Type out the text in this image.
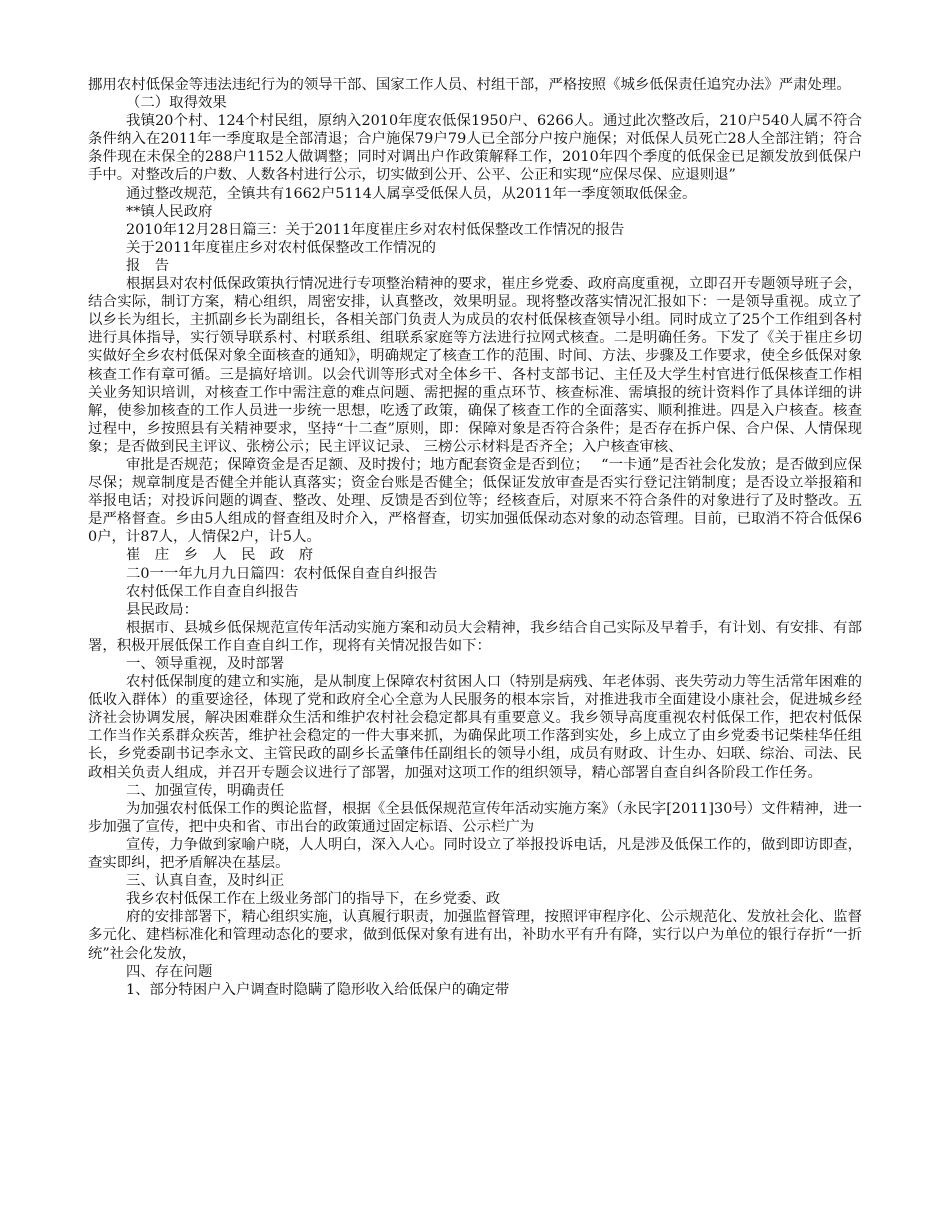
挪用农村低保金等违法违纪行为的领导干部、国家工作人员、村组干部，严格按照《城乡低保责任追究办法》严肃处理。

（二）取得效果

我镇20个村、124个村民组，原纳入2010年度农低保1950户、6266人。通过此次整改后，210户540人属不符合条件纳入在2011年一季度取是全部清退；合户施保79户79人已全部分户按户施保；对低保人员死亡28人全部注销；符合条件现在未保全的288户1152人做调整；同时对调出户作政策解释工作，2010年四个季度的低保金已足额发放到低保户手中。对整改后的户数、人数各村进行公示，切实做到公开、公平、公正和实现“应保尽保、应退则退”

通过整改规范，全镇共有1662户5114人属享受低保人员，从2011年一季度领取低保金。

**镇人民政府

2010年12月28日篇三：关于2011年度崔庄乡对农村低保整改工作情况的报告

关于2011年度崔庄乡对农村低保整改工作情况的

报　告

根据县对农村低保政策执行情况进行专项整治精神的要求，崔庄乡党委、政府高度重视，立即召开专题领导班子会，结合实际，制订方案，精心组织，周密安排，认真整改，效果明显。现将整改落实情况汇报如下：一是领导重视。成立了以乡长为组长，主抓副乡长为副组长，各相关部门负责人为成员的农村低保核查领导小组。同时成立了25个工作组到各村进行具体指导，实行领导联系村、村联系组、组联系家庭等方法进行拉网式核查。二是明确任务。下发了《关于崔庄乡切实做好全乡农村低保对象全面核查的通知》，明确规定了核查工作的范围、时间、方法、步骤及工作要求，使全乡低保对象核查工作有章可循。三是搞好培训。以会代训等形式对全体乡干、各村支部书记、主任及大学生村官进行低保核查工作相关业务知识培训，对核查工作中需注意的难点问题、需把握的重点环节、核查标准、需填报的统计资料作了具体详细的讲解，使参加核查的工作人员进一步统一思想，吃透了政策，确保了核查工作的全面落实、顺利推进。四是入户核查。核查过程中，乡按照县有关精神要求，坚持“十二查”原则，即：保障对象是否符合条件；是否存在拆户保、合户保、人情保现象；是否做到民主评议、张榜公示；民主评议记录、 三榜公示材料是否齐全；入户核查审核、

审批是否规范；保障资金是否足额、及时拨付；地方配套资金是否到位；　 “一卡通”是否社会化发放；是否做到应保尽保；规章制度是否健全并能认真落实；资金台账是否健全；低保证发放审查是否实行登记注销制度；是否设立举报箱和举报电话；对投诉问题的调查、整改、处理、反馈是否到位等；经核查后，对原来不符合条件的对象进行了及时整改。五是严格督查。乡由5人组成的督查组及时介入，严格督查，切实加强低保动态对象的动态管理。目前，已取消不符合低保60户，计87人，人情保2户，计5人。

崔　庄　乡　人　民　政　府

二0一一年九月九日篇四：农村低保自查自纠报告

农村低保工作自查自纠报告

县民政局：

根据市、县城乡低保规范宣传年活动实施方案和动员大会精神，我乡结合自己实际及早着手，有计划、有安排、有部署，积极开展低保工作自查自纠工作，现将有关情况报告如下：

一、领导重视，及时部署

农村低保制度的建立和实施，是从制度上保障农村贫困人口（特别是病残、年老体弱、丧失劳动力等生活常年困难的低收入群体）的重要途径，体现了党和政府全心全意为人民服务的根本宗旨，对推进我市全面建设小康社会，促进城乡经济社会协调发展，解决困难群众生活和维护农村社会稳定都具有重要意义。我乡领导高度重视农村低保工作，把农村低保工作当作关系群众疾苦，维护社会稳定的一件大事来抓，为确保此项工作落到实处，乡上成立了由乡党委书记柴桂华任组长，乡党委副书记李永文、主管民政的副乡长孟肇伟任副组长的领导小组，成员有财政、计生办、妇联、综治、司法、民政相关负责人组成，并召开专题会议进行了部署，加强对这项工作的组织领导，精心部署自查自纠各阶段工作任务。

二、加强宣传，明确责任

为加强农村低保工作的舆论监督，根据《全县低保规范宣传年活动实施方案》（永民字[2011]30号）文件精神，进一步加强了宣传，把中央和省、市出台的政策通过固定标语、公示栏广为

宣传，力争做到家喻户晓，人人明白，深入人心。同时设立了举报投诉电话，凡是涉及低保工作的，做到即访即查，查实即纠，把矛盾解决在基层。

三、认真自查，及时纠正

我乡农村低保工作在上级业务部门的指导下，在乡党委、政

府的安排部署下，精心组织实施，认真履行职责，加强监督管理，按照评审程序化、公示规范化、发放社会化、监督多元化、建档标准化和管理动态化的要求，做到低保对象有进有出，补助水平有升有降，实行以户为单位的银行存折“一折统”社会化发放，

四、存在问题

1、部分特困户入户调查时隐瞒了隐形收入给低保户的确定带
